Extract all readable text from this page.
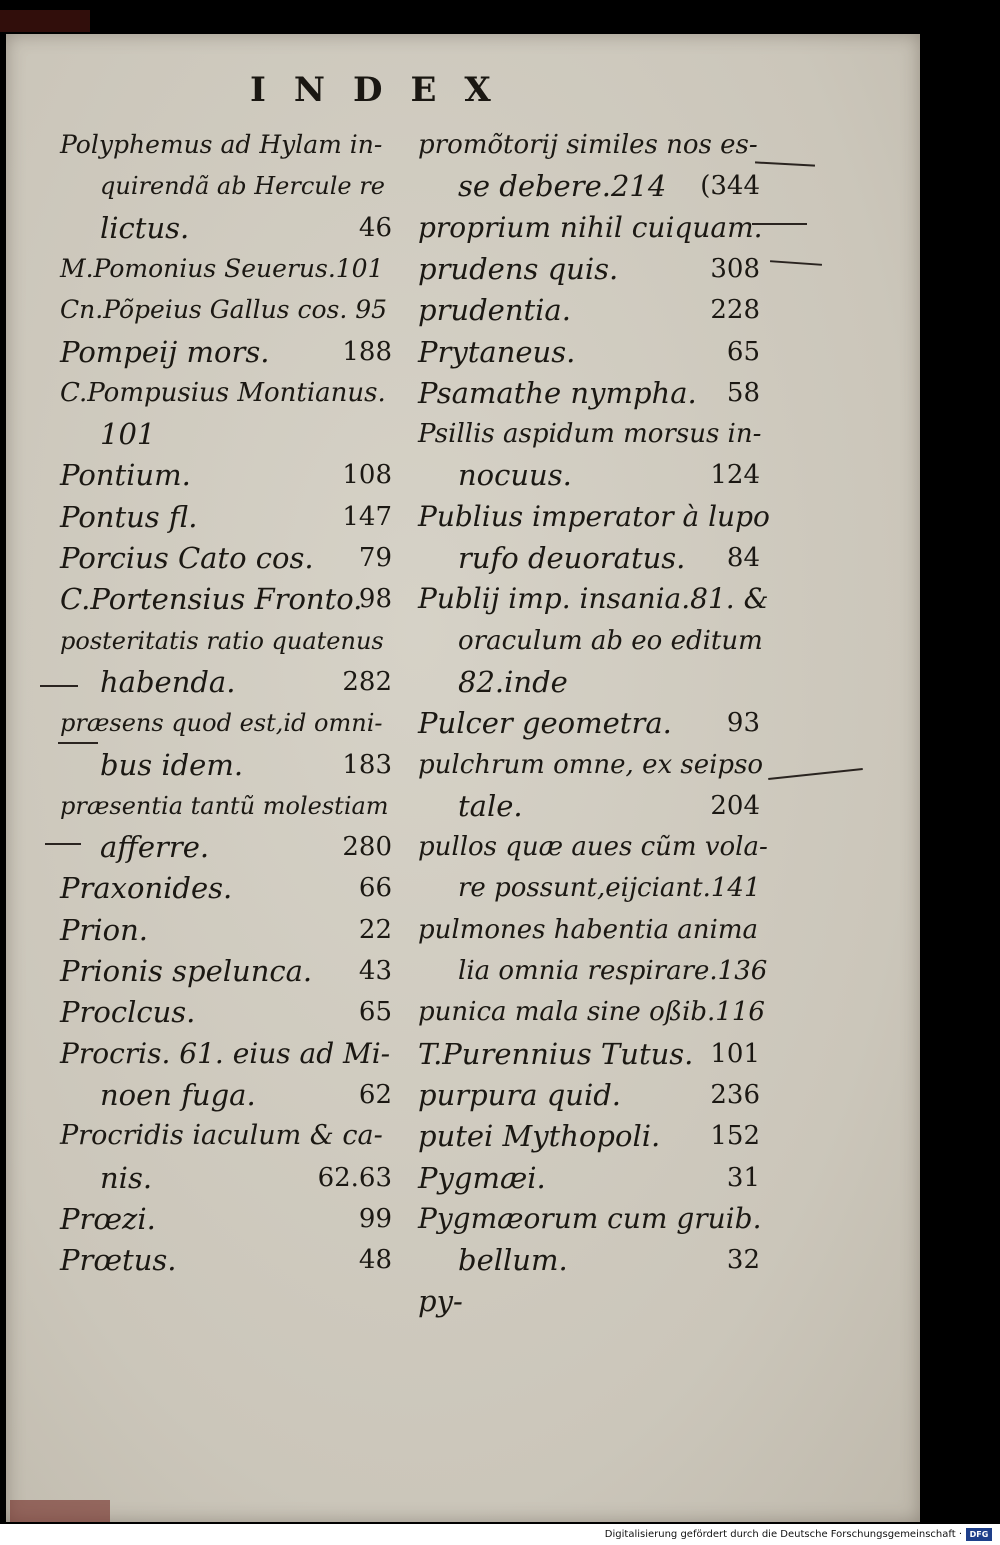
INDEX
Polyphemus ad Hylam in-
quirendã ab Hercule re
lictus.	46
M.Pomonius Seuerus.101
Cn.Põpeius Gallus cos. 95
Pompeij mors.	188
C.Pompusius Montianus.
101
Pontium.	108
Pontus fl.	147
Porcius Cato cos.	79
C.Portensius Fronto.
98
posteritatis ratio quatenus
habenda.	282
præsens quod est,id omni-
bus idem.	183
præsentia tantũ molestiam
afferre.	280
Praxonides.	66
Prion.	22
Prionis spelunca.	43
Proclcus.	65
Procris. 61. eius ad Mi-
noen fuga.	62
Procridis iaculum & ca-
nis.	62.63
Prœzi.	99
Prœtus.	48
promõtorij similes nos es-
se debere.214	(344
proprium nihil cuiquam.
prudens quis.	308
prudentia.	228
Prytaneus.	65
Psamathe nympha.	58
Psillis aspidum morsus in-
nocuus.	124
Publius imperator à lupo
rufo deuoratus.	84
Publij imp. insania.81. &
oraculum ab eo editum
82.inde
Pulcer geometra.	93
pulchrum omne, ex seipso
tale.	204
pullos quæ aues cũm vola-
re possunt,eijciant.141
pulmones habentia anima
lia omnia respirare.136
punica mala sine oßib.116
T.Purennius Tutus. 101
purpura quid.	236
putei Mythopoli.	152
Pygmæi.	31
Pygmæorum cum gruib.
bellum.	32
py-
Digitalisierung gefördert durch die Deutsche Forschungsgemeinschaft · DFG
